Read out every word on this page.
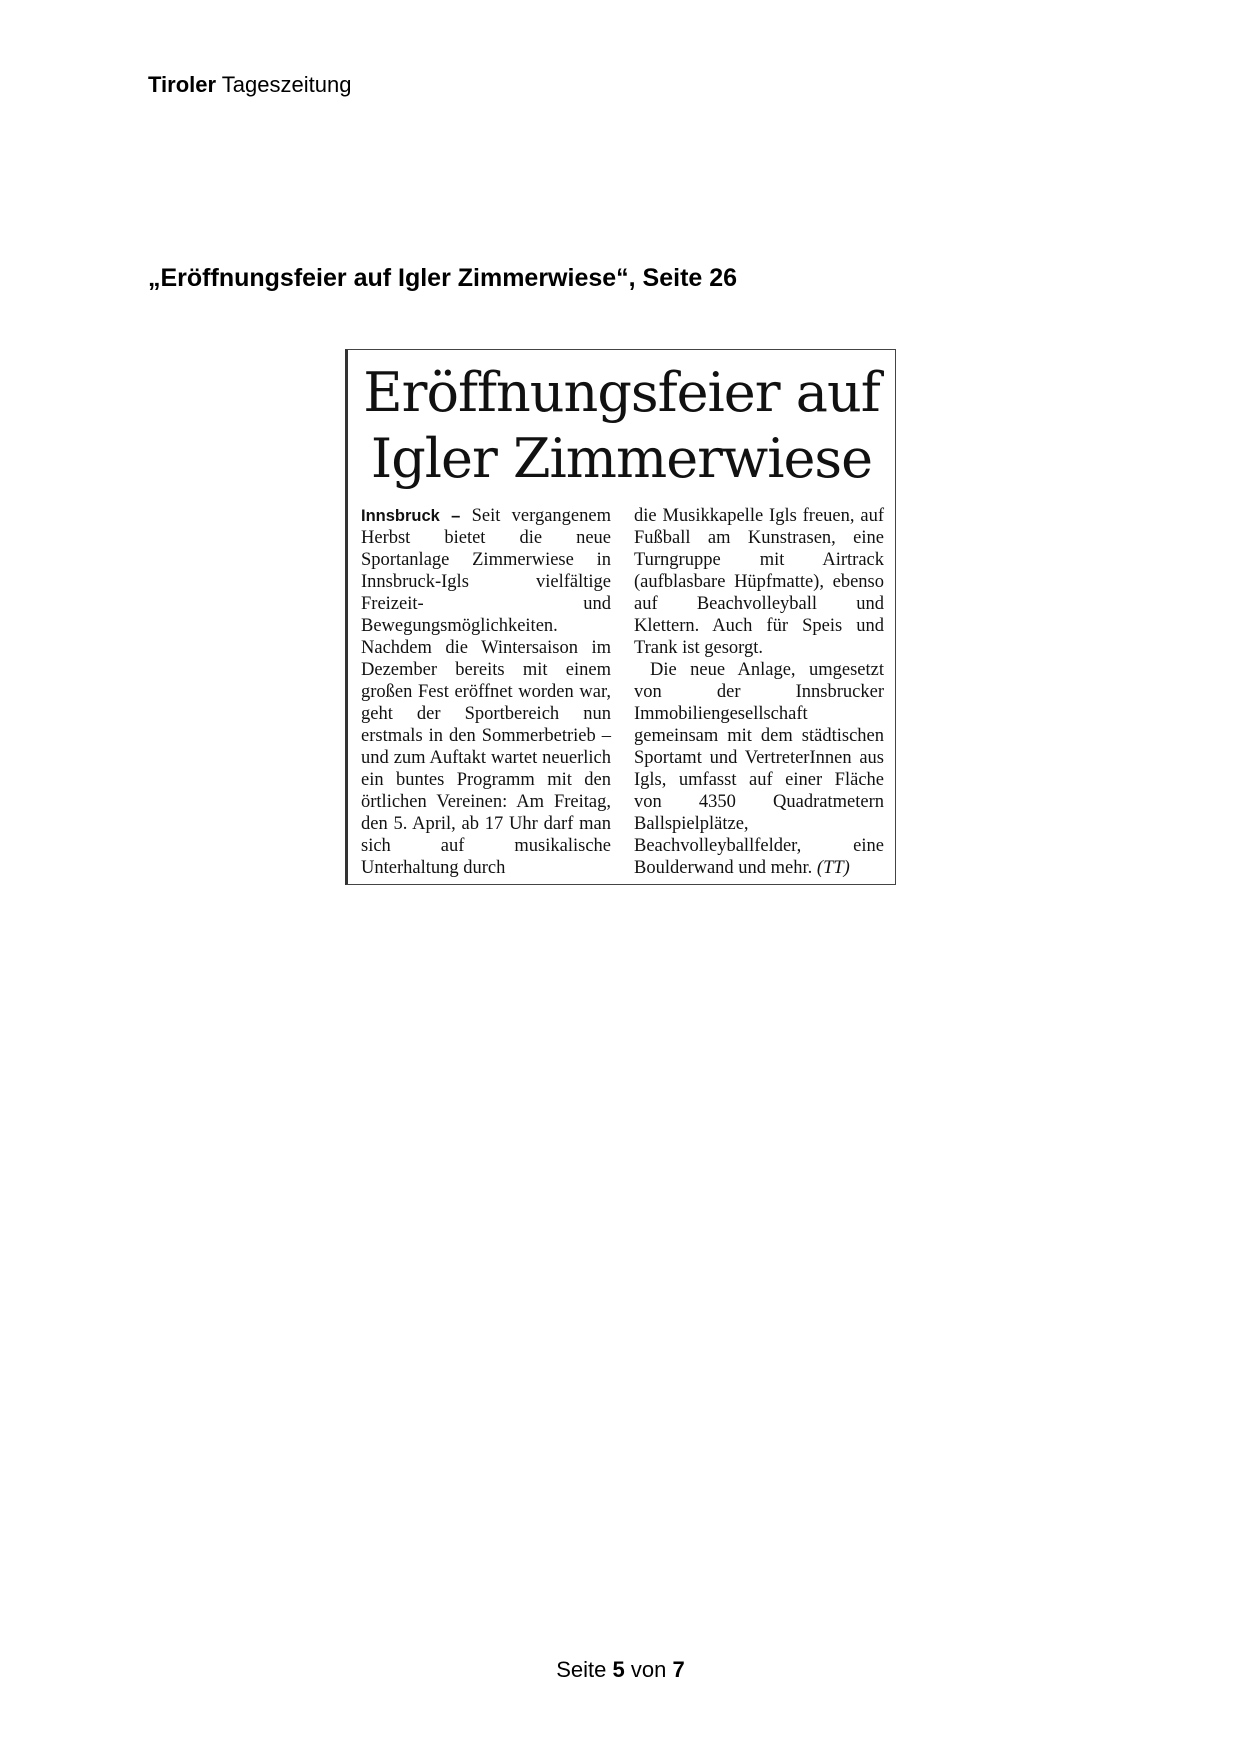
Tiroler Tageszeitung
„Eröffnungsfeier auf Igler Zimmerwiese“, Seite 26
Eröffnungsfeier auf
Igler Zimmerwiese

Innsbruck – Seit vergangenem Herbst bietet die neue Sportanlage Zimmerwiese in Innsbruck-Igls vielfältige Freizeit- und Bewegungsmöglichkeiten. Nachdem die Wintersaison im Dezember bereits mit einem großen Fest eröffnet worden war, geht der Sportbereich nun erstmals in den Sommerbetrieb – und zum Auftakt wartet neuerlich ein buntes Programm mit den örtlichen Vereinen: Am Freitag, den 5. April, ab 17 Uhr darf man sich auf musikalische Unterhaltung durch

die Musikkapelle Igls freuen, auf Fußball am Kunstrasen, eine Turngruppe mit Airtrack (aufblasbare Hüpfmatte), ebenso auf Beachvolleyball und Klettern. Auch für Speis und Trank ist gesorgt.

Die neue Anlage, umgesetzt von der Innsbrucker Immobiliengesellschaft gemeinsam mit dem städtischen Sportamt und VertreterInnen aus Igls, umfasst auf einer Fläche von 4350 Quadratmetern Ballspielplätze, Beachvolleyballfelder, eine Boulderwand und mehr. (TT)

Seite 5 von 7
